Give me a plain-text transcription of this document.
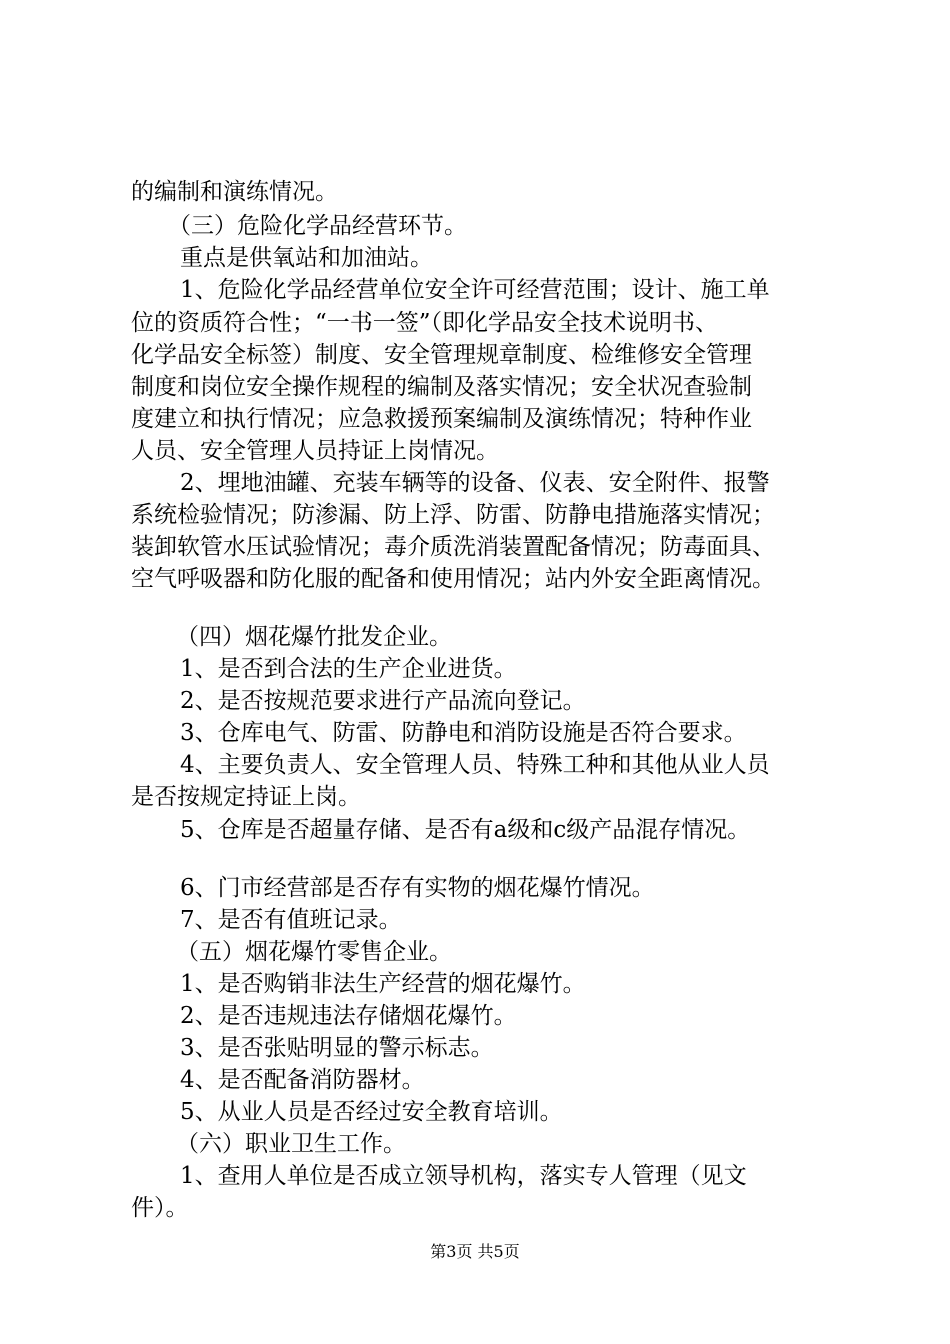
的编制和演练情况。
（三）危险化学品经营环节。
重点是供氧站和加油站。
1、危险化学品经营单位安全许可经营范围；设计、施工单
位的资质符合性；“一书一签”（即化学品安全技术说明书、
化学品安全标签）制度、安全管理规章制度、检维修安全管理
制度和岗位安全操作规程的编制及落实情况；安全状况查验制
度建立和执行情况；应急救援预案编制及演练情况；特种作业
人员、安全管理人员持证上岗情况。
2、埋地油罐、充装车辆等的设备、仪表、安全附件、报警
系统检验情况；防渗漏、防上浮、防雷、防静电措施落实情况；
装卸软管水压试验情况；毒介质洗消装置配备情况；防毒面具、
空气呼吸器和防化服的配备和使用情况；站内外安全距离情况。
（四）烟花爆竹批发企业。
1、是否到合法的生产企业进货。
2、是否按规范要求进行产品流向登记。
3、仓库电气、防雷、防静电和消防设施是否符合要求。
4、主要负责人、安全管理人员、特殊工种和其他从业人员
是否按规定持证上岗。
5、仓库是否超量存储、是否有a级和c级产品混存情况。
6、门市经营部是否存有实物的烟花爆竹情况。
7、是否有值班记录。
（五）烟花爆竹零售企业。
1、是否购销非法生产经营的烟花爆竹。
2、是否违规违法存储烟花爆竹。
3、是否张贴明显的警示标志。
4、是否配备消防器材。
5、从业人员是否经过安全教育培训。
（六）职业卫生工作。
1、查用人单位是否成立领导机构，落实专人管理（见文
件）。
第3页 共5页
